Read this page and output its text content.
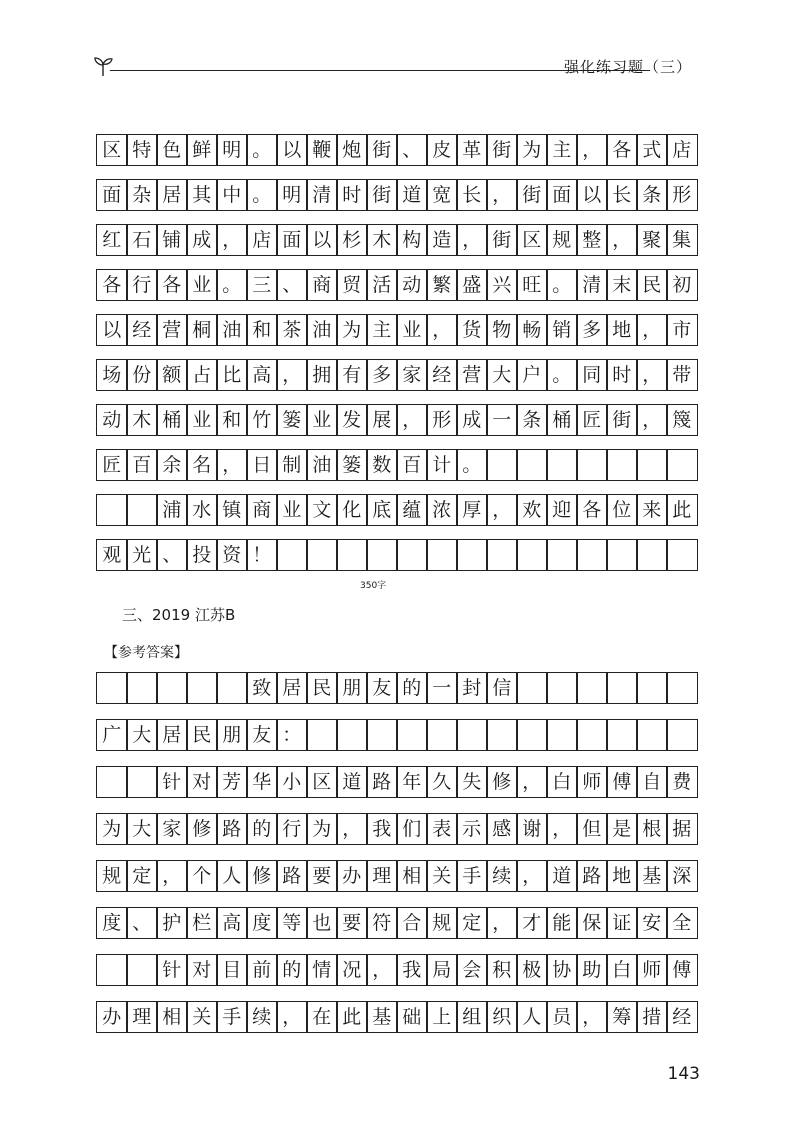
强化练习题（三）
区 特 色 鲜 明 。 以 鞭 炮 街 、 皮 革 街 为 主 ， 各 式 店
面 杂 居 其 中 。 明 清 时 街 道 宽 长 ， 街 面 以 长 条 形
红 石 铺 成 ， 店 面 以 杉 木 构 造 ， 街 区 规 整 ， 聚 集
各 行 各 业 。 三 、 商 贸 活 动 繁 盛 兴 旺 。 清 末 民 初
以 经 营 桐 油 和 茶 油 为 主 业 ， 货 物 畅 销 多 地 ， 市
场 份 额 占 比 高 ， 拥 有 多 家 经 营 大 户 。 同 时 ， 带
动 木 桶 业 和 竹 篓 业 发 展 ， 形 成 一 条 桶 匠 街 ， 篾
匠 百 余 名 ， 日 制 油 篓 数 百 计 。
浦 水 镇 商 业 文 化 底 蕴 浓 厚 ， 欢 迎 各 位 来 此
观 光 、 投 资 ！
350字
三、2019 江苏B
【参考答案】
致 居 民 朋 友 的 一 封 信
广 大 居 民 朋 友 ：
针 对 芳 华 小 区 道 路 年 久 失 修 ， 白 师 傅 自 费
为 大 家 修 路 的 行 为 ， 我 们 表 示 感 谢 ， 但 是 根 据
规 定 ， 个 人 修 路 要 办 理 相 关 手 续 ， 道 路 地 基 深
度 、 护 栏 高 度 等 也 要 符 合 规 定 ， 才 能 保 证 安 全
针 对 目 前 的 情 况 ， 我 局 会 积 极 协 助 白 师 傅
办 理 相 关 手 续 ， 在 此 基 础 上 组 织 人 员 ， 筹 措 经
143
